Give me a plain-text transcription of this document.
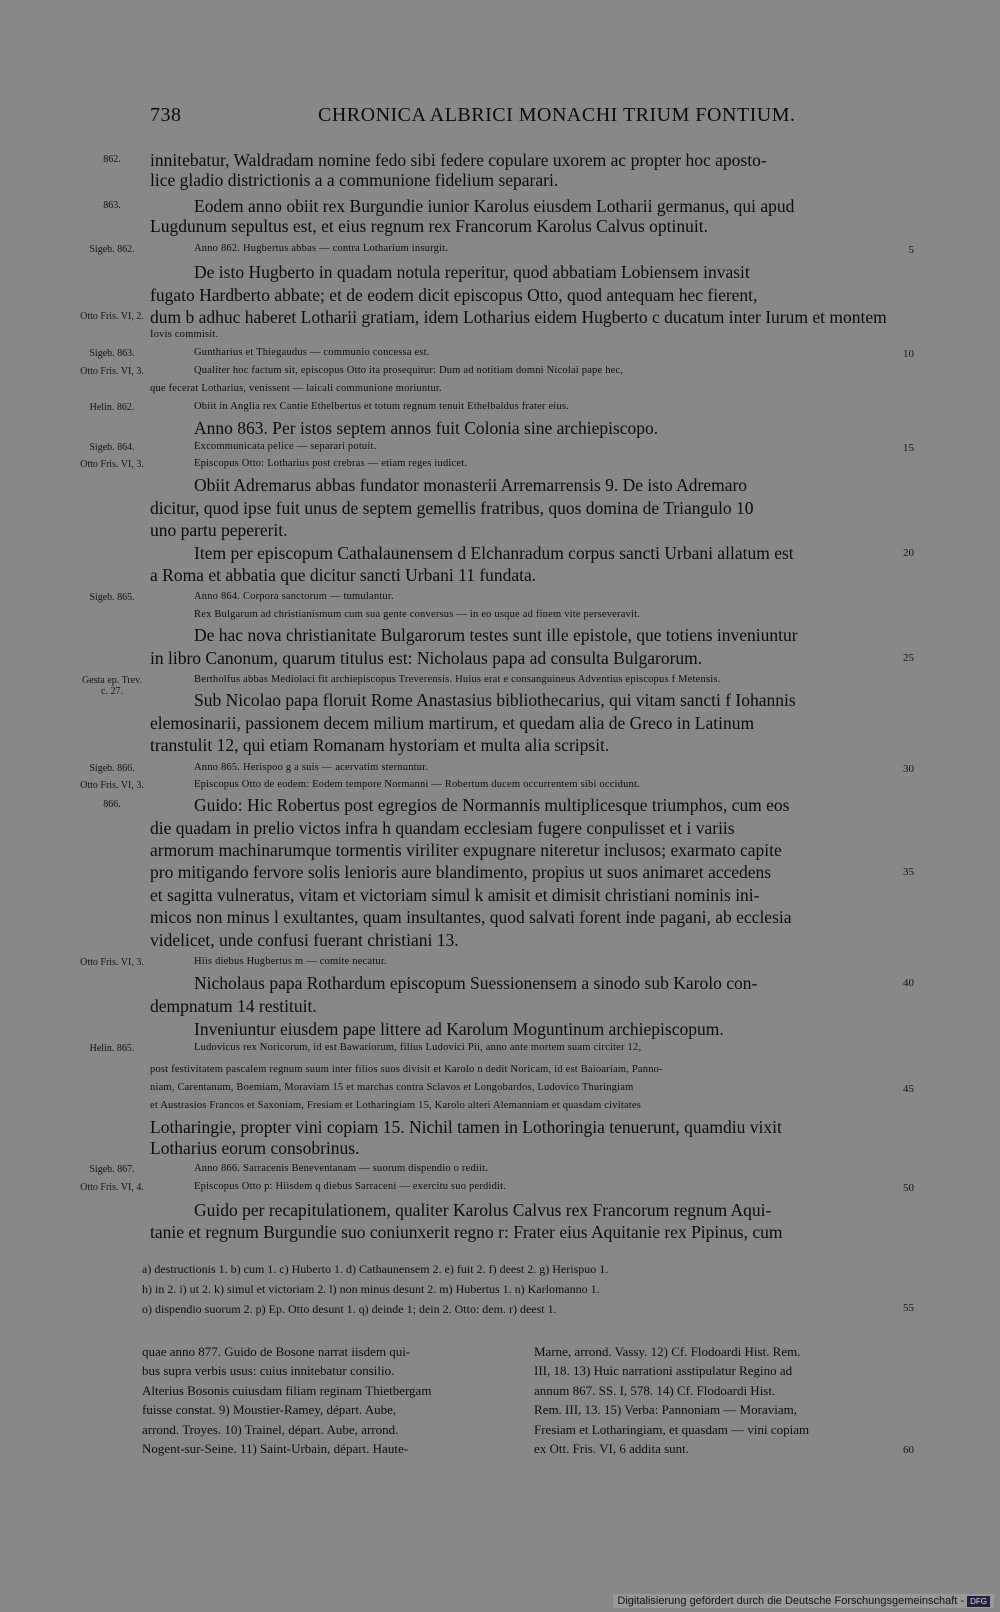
738	CHRONICA ALBRICI MONACHI TRIUM FONTIUM.
862.	innitebatur, Waldradam nomine fedo sibi federe copulare uxorem ac propter hoc aposto-
lice gladio districtionis a a communione fidelium separari.
863.	Eodem anno obiit rex Burgundie iunior Karolus eiusdem Lotharii germanus, qui apud
Lugdunum sepultus est, et eius regnum rex Francorum Karolus Calvus optinuit.
Sigeb. 862.	Anno 862. Hugbertus abbas — contra Lotharium insurgit.	5
De isto Hugberto in quadam notula reperitur, quod abbatiam Lobiensem invasit
fugato Hardberto abbate; et de eodem dicit episcopus Otto, quod antequam hec fierent,
Otto Fris. VI, 2. dum b adhuc haberet Lotharii gratiam, idem Lotharius eidem Hugberto c ducatum inter Iurum et montem
Iovis commisit.
Sigeb. 863.	Guntharius et Thiegaudus — communio concessa est.	10
Otto Fris. VI, 3.	Qualiter hoc factum sit, episcopus Otto ita prosequitur: Dum ad notitiam domni Nicolai pape hec,
que fecerat Lotharius, venissent — laicali communione moriuntur.
Helin. 862.	Obiit in Anglia rex Cantie Ethelbertus et totum regnum tenuit Ethelbaldus frater eius.
Anno 863. Per istos septem annos fuit Colonia sine archiepiscopo.
Sigeb. 864.	Excommunicata pelice — separari potuit.	15
Otto Fris. VI, 3.	Episcopus Otto: Lotharius post crebras — etiam reges iudicet.
Obiit Adremarus abbas fundator monasterii Arremarrensis 9. De isto Adremaro
dicitur, quod ipse fuit unus de septem gemellis fratribus, quos domina de Triangulo 10
uno partu pepererit.
Item per episcopum Cathalaunensem d Elchanradum corpus sancti Urbani allatum est	20
a Roma et abbatia que dicitur sancti Urbani 11 fundata.
Sigeb. 865.	Anno 864. Corpora sanctorum — tumulantur.
Rex Bulgarum ad christianismum cum sua gente conversus — in eo usque ad finem vite perseveravit.
De hac nova christianitate Bulgarorum testes sunt ille epistole, que totiens inveniuntur
in libro Canonum, quarum titulus est: Nicholaus papa ad consulta Bulgarorum.	25
Gesta ep. Trev. c. 27.
Bertholfus abbas Mediolaci fit archiepiscopus Treverensis. Huius erat e consanguineus Adventius episcopus f Metensis.
Sub Nicolao papa floruit Rome Anastasius bibliothecarius, qui vitam sancti f Iohannis
elemosinarii, passionem decem milium martirum, et quedam alia de Greco in Latinum
transtulit 12, qui etiam Romanam hystoriam et multa alia scripsit.
Sigeb. 866.	Anno 865. Herispoo g a suis — acervatim sternuntur.	30
Otto Fris. VI, 3.	Episcopus Otto de eodem: Eodem tempore Normanni — Robertum ducem occurrentem sibi occidunt.
866.	Guido: Hic Robertus post egregios de Normannis multiplicesque triumphos, cum eos
die quadam in prelio victos infra h quandam ecclesiam fugere conpulisset et i variis
armorum machinarumque tormentis viriliter expugnare niteretur inclusos; exarmato capite
pro mitigando fervore solis lenioris aure blandimento, propius ut suos animaret accedens	35
et sagitta vulneratus, vitam et victoriam simul k amisit et dimisit christiani nominis ini-
micos non minus l exultantes, quam insultantes, quod salvati forent inde pagani, ab ecclesia
videlicet, unde confusi fuerant christiani 13.
Otto Fris. VI, 3.	Hiis diebus Hugbertus m — comite necatur.
Nicholaus papa Rothardum episcopum Suessionensem a sinodo sub Karolo con-	40
dempnatum 14 restituit.
Inveniuntur eiusdem pape littere ad Karolum Moguntinum archiepiscopum.
Helin. 865.	Ludovicus rex Noricorum, id est Bawariorum, filius Ludovici Pii, anno ante mortem suam circiter 12,
post festivitatem pascalem regnum suum inter filios suos divisit et Karolo n dedit Noricam, id est Baioariam, Panno-
niam, Carentanum, Boemiam, Moraviam 15 et marchas contra Sclavos et Longobardos, Ludovico Thuringiam	45
et Austrasios Francos et Saxoniam, Fresiam et Lotharingiam 15, Karolo alteri Alemanniam et quasdam civitates
Lotharingie, propter vini copiam 15. Nichil tamen in Lothoringia tenuerunt, quamdiu vixit
Lotharius eorum consobrinus.
Sigeb. 867.	Anno 866. Sarracenis Beneventanam — suorum dispendio o rediit.
Otto Fris. VI, 4.	Episcopus Otto p: Hiisdem q diebus Sarraceni — exercitu suo perdidit.	50
Guido per recapitulationem, qualiter Karolus Calvus rex Francorum regnum Aqui-
tanie et regnum Burgundie suo coniunxerit regno r: Frater eius Aquitanie rex Pipinus, cum
a) destructionis 1. b) cum 1. c) Huberto 1. d) Cathaunensem 2. e) fuit 2. f) deest 2. g) Herispuo 1.
h) in 2. i) ut 2. k) simul et victoriam 2. l) non minus desunt 2. m) Hubertus 1. n) Karlomanno 1.
o) dispendio suorum 2. p) Ep. Otto desunt 1. q) deinde 1; dein 2. Otto: dem. r) deest 1.	55
quae anno 877. Guido de Bosone narrat iisdem qui-
bus supra verbis usus: cuius innitebatur consilio.
Alterius Bosonis cuiusdam filiam reginam Thietbergam
fuisse constat. 9) Moustier-Ramey, départ. Aube,
arrond. Troyes. 10) Trainel, départ. Aube, arrond.
Nogent-sur-Seine. 11) Saint-Urbain, départ. Haute-
Marne, arrond. Vassy. 12) Cf. Flodoardi Hist. Rem.
III, 18. 13) Huic narrationi asstipulatur Regino ad
annum 867. SS. I, 578. 14) Cf. Flodoardi Hist.
Rem. III, 13. 15) Verba: Pannoniam — Moraviam,
Fresiam et Lotharingiam, et quasdam — vini copiam
ex Ott. Fris. VI, 6 addita sunt.	60
Digitalisierung gefördert durch die Deutsche Forschungsgemeinschaft - DFG
